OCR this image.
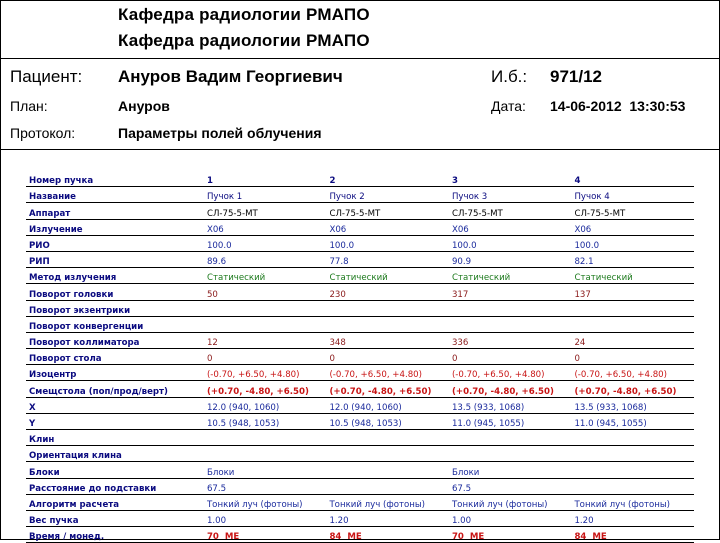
Кафедра радиологии РМАПО
Кафедра радиологии РМАПО
Пациент: Ануров Вадим Георгиевич	И.б.: 971/12
План:	Ануров	Дата: 14-06-2012  13:30:53
Протокол:	Параметры полей облучения
Номер пучка	1	2	3	4
Название	Пучок 1	Пучок 2	Пучок 3	Пучок 4
Аппарат	СЛ-75-5-МТ	СЛ-75-5-МТ	СЛ-75-5-МТ	СЛ-75-5-МТ
Излучение	X06	X06	X06	X06
РИО	100.0	100.0	100.0	100.0
РИП	89.6	77.8	90.9	82.1
Метод излучения	Статический	Статический	Статический	Статический
Поворот головки	50	230	317	137
Поворот экзентрики				
Поворот конвергенции				
Поворот коллиматора	12	348	336	24
Поворот стола	0	0	0	0
Изоцентр	(-0.70, +6.50, +4.80)	(-0.70, +6.50, +4.80)	(-0.70, +6.50, +4.80)	(-0.70, +6.50, +4.80)
Смещстола (поп/прод/верт)	(+0.70, -4.80, +6.50)	(+0.70, -4.80, +6.50)	(+0.70, -4.80, +6.50)	(+0.70, -4.80, +6.50)
X	12.0 (940, 1060)	12.0 (940, 1060)	13.5 (933, 1068)	13.5 (933, 1068)
Y	10.5 (948, 1053)	10.5 (948, 1053)	11.0 (945, 1055)	11.0 (945, 1055)
Клин				
Ориентация клина				
Блоки	Блоки		Блоки	
Расстояние до подставки	67.5		67.5	
Алгоритм расчета	Тонкий луч (фотоны)	Тонкий луч (фотоны)	Тонкий луч (фотоны)	Тонкий луч (фотоны)
Вес пучка	1.00	1.20	1.00	1.20
Время / монед.	70  МЕ	84  МЕ	70  МЕ	84  МЕ
